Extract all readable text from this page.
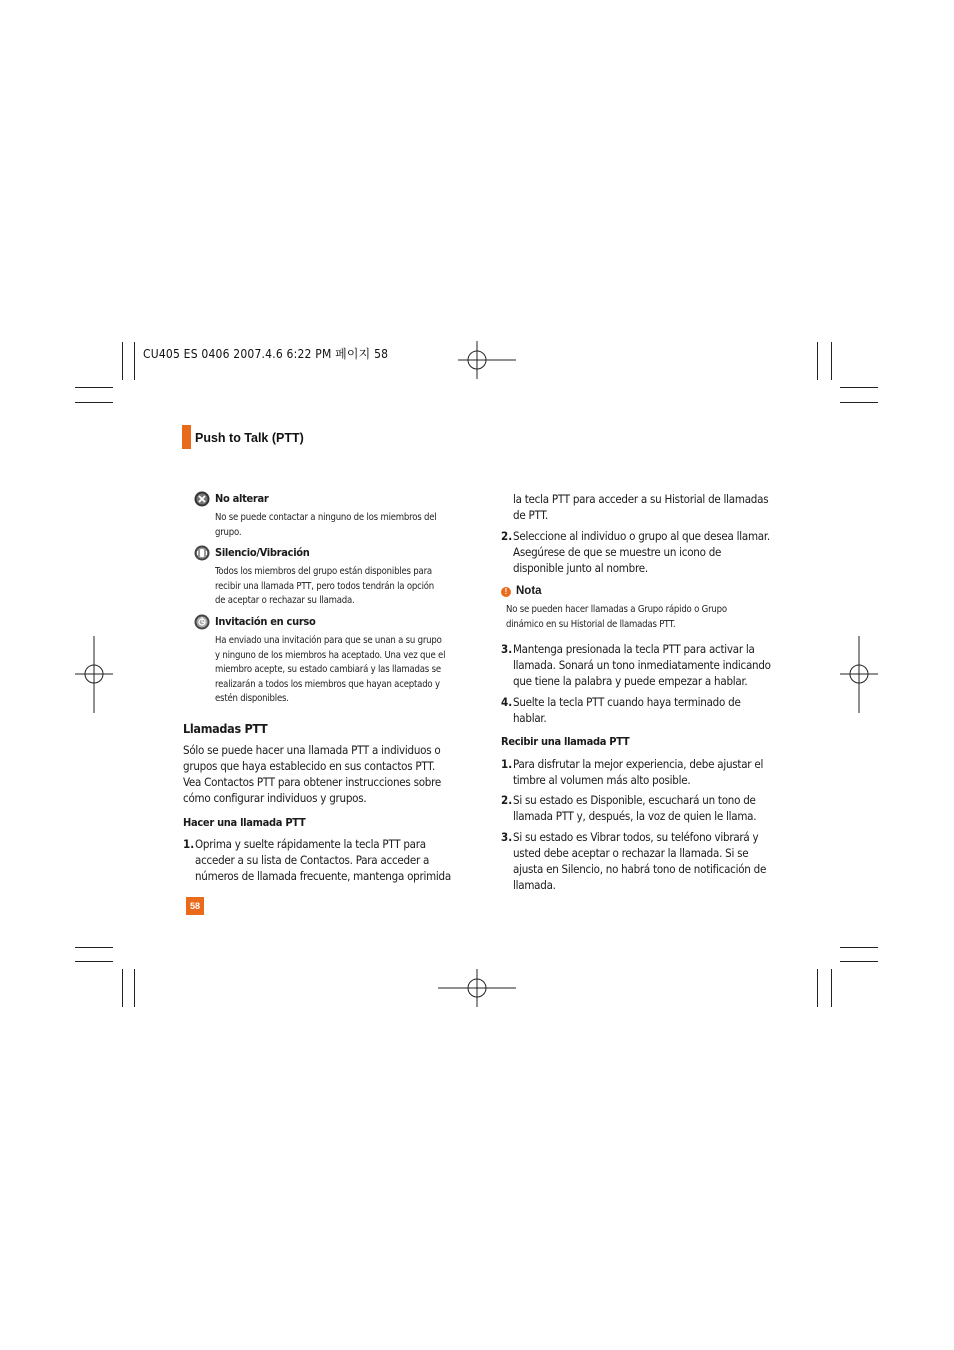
CU405 ES 0406 2007.4.6 6:22 PM 페이지 58
Push to Talk (PTT)
No alterar
No se puede contactar a ninguno de los miembros del
grupo.
Silencio/Vibración
Todos los miembros del grupo están disponibles para
recibir una llamada PTT, pero todos tendrán la opción
de aceptar o rechazar su llamada.
Invitación en curso
Ha enviado una invitación para que se unan a su grupo
y ninguno de los miembros ha aceptado. Una vez que el
miembro acepte, su estado cambiará y las llamadas se
realizarán a todos los miembros que hayan aceptado y
estén disponibles.
Llamadas PTT
Sólo se puede hacer una llamada PTT a individuos o
grupos que haya establecido en sus contactos PTT.
Vea Contactos PTT para obtener instrucciones sobre
cómo configurar individuos y grupos.
Hacer una llamada PTT
1. Oprima y suelte rápidamente la tecla PTT para
acceder a su lista de Contactos. Para acceder a
números de llamada frecuente, mantenga oprimida
la tecla PTT para acceder a su Historial de llamadas
de PTT.
2. Seleccione al individuo o grupo al que desea llamar.
Asegúrese de que se muestre un icono de
disponible junto al nombre.
! Nota
No se pueden hacer llamadas a Grupo rápido o Grupo
dinámico en su Historial de llamadas PTT.
3. Mantenga presionada la tecla PTT para activar la
llamada. Sonará un tono inmediatamente indicando
que tiene la palabra y puede empezar a hablar.
4. Suelte la tecla PTT cuando haya terminado de
hablar.
Recibir una llamada PTT
1. Para disfrutar la mejor experiencia, debe ajustar el
timbre al volumen más alto posible.
2. Si su estado es Disponible, escuchará un tono de
llamada PTT y, después, la voz de quien le llama.
3. Si su estado es Vibrar todos, su teléfono vibrará y
usted debe aceptar o rechazar la llamada. Si se
ajusta en Silencio, no habrá tono de notificación de
llamada.
58
